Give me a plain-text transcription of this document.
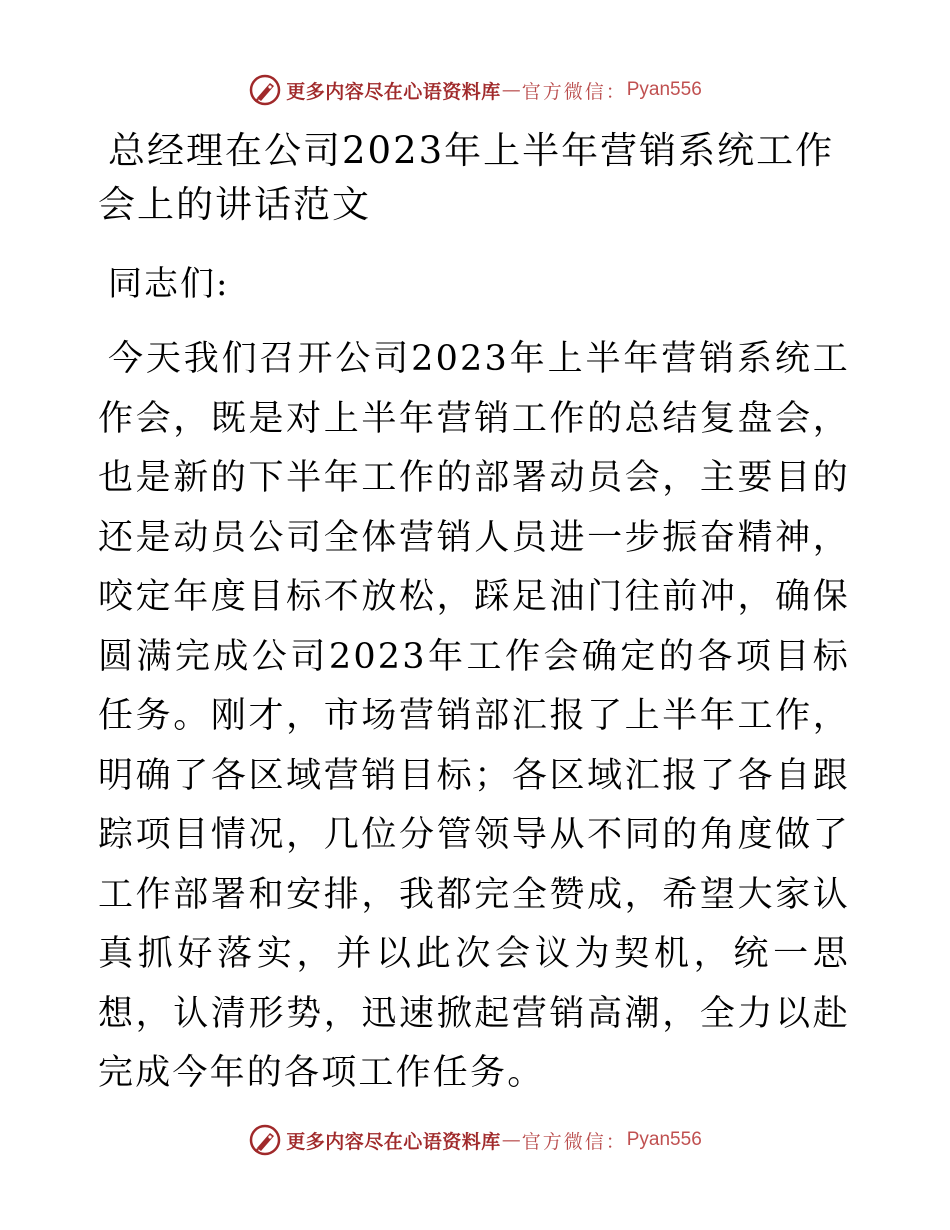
更多内容尽在心语资料库 — 官方微信： Pyan556
总经理在公司2023年上半年营销系统工作会上的讲话范文

同志们:

今天我们召开公司2023年上半年营销系统工作会，既是对上半年营销工作的总结复盘会，也是新的下半年工作的部署动员会，主要目的还是动员公司全体营销人员进一步振奋精神，咬定年度目标不放松，踩足油门往前冲，确保圆满完成公司2023年工作会确定的各项目标任务。刚才，市场营销部汇报了上半年工作，明确了各区域营销目标；各区域汇报了各自跟踪项目情况，几位分管领导从不同的角度做了工作部署和安排，我都完全赞成，希望大家认真抓好落实，并以此次会议为契机，统一思想，认清形势，迅速掀起营销高潮，全力以赴完成今年的各项工作任务。

更多内容尽在心语资料库 — 官方微信： Pyan556
